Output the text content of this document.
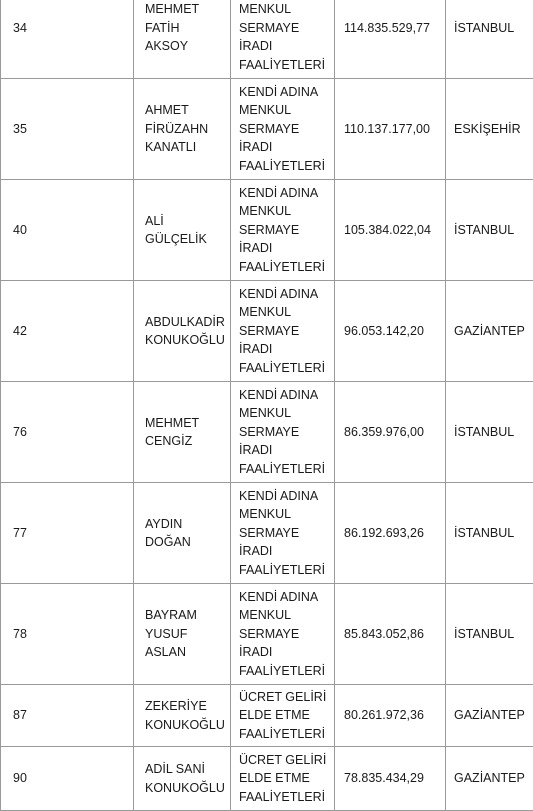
34	MEHMET
FATİH
AKSOY	MENKUL
SERMAYE
İRADI
FAALİYETLERİ	114.835.529,77	İSTANBUL
35	AHMET
FİRÜZAHN
KANATLI	KENDİ ADINA
MENKUL
SERMAYE
İRADI
FAALİYETLERİ	110.137.177,00	ESKİŞEHİR
40	ALİ
GÜLÇELİK	KENDİ ADINA
MENKUL
SERMAYE
İRADI
FAALİYETLERİ	105.384.022,04	İSTANBUL
42	ABDULKADİR
KONUKOĞLU	KENDİ ADINA
MENKUL
SERMAYE
İRADI
FAALİYETLERİ	96.053.142,20	GAZİANTEP
76	MEHMET
CENGİZ	KENDİ ADINA
MENKUL
SERMAYE
İRADI
FAALİYETLERİ	86.359.976,00	İSTANBUL
77	AYDIN
DOĞAN	KENDİ ADINA
MENKUL
SERMAYE
İRADI
FAALİYETLERİ	86.192.693,26	İSTANBUL
78	BAYRAM
YUSUF
ASLAN	KENDİ ADINA
MENKUL
SERMAYE
İRADI
FAALİYETLERİ	85.843.052,86	İSTANBUL
87	ZEKERİYE
KONUKOĞLU	ÜCRET GELİRİ
ELDE ETME
FAALİYETLERİ	80.261.972,36	GAZİANTEP
90	ADİL SANİ
KONUKOĞLU	ÜCRET GELİRİ
ELDE ETME
FAALİYETLERİ	78.835.434,29	GAZİANTEP
